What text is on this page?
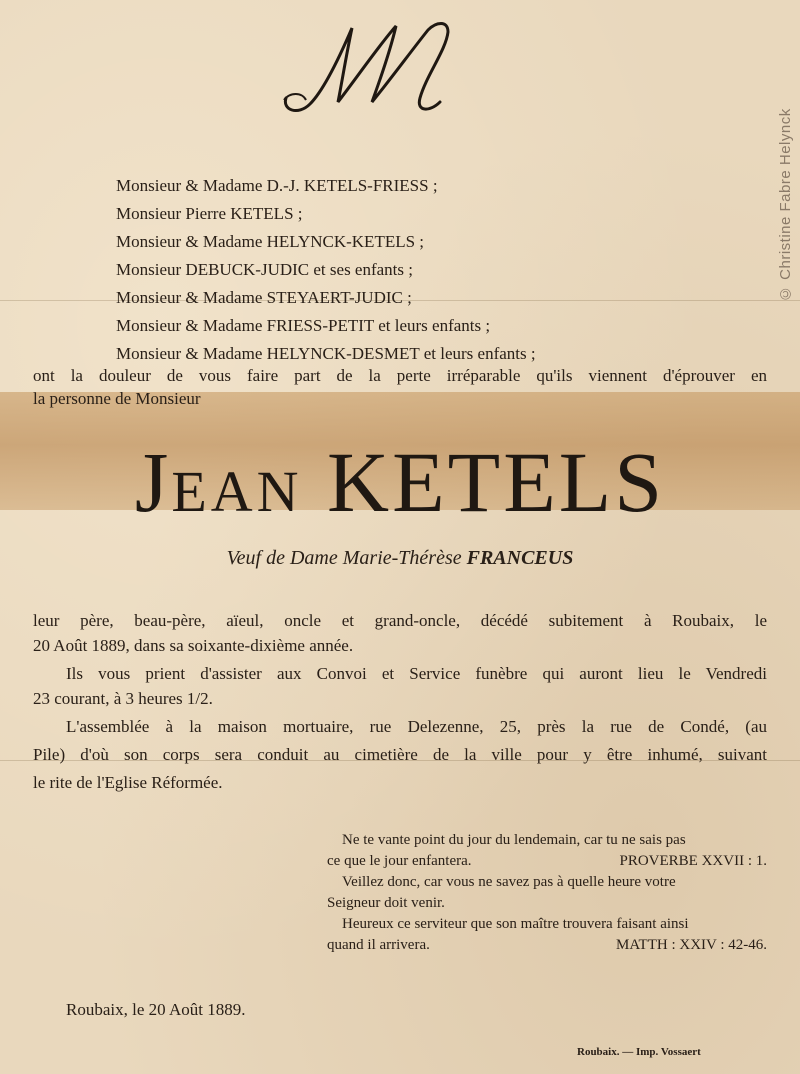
© Christine Fabre Helynck
Monsieur & Madame D.-J. KETELS-FRIESS ;
Monsieur Pierre KETELS ;
Monsieur & Madame HELYNCK-KETELS ;
Monsieur DEBUCK-JUDIC et ses enfants ;
Monsieur & Madame STEYAERT-JUDIC ;
Monsieur & Madame FRIESS-PETIT et leurs enfants ;
Monsieur & Madame HELYNCK-DESMET et leurs enfants ;
ont la douleur de vous faire part de la perte irréparable qu'ils viennent d'éprouver en
la personne de Monsieur
JEAN KETELS
Veuf de Dame Marie-Thérèse FRANCEUS
leur père, beau-père, aïeul, oncle et grand-oncle, décédé subitement à Roubaix, le
20 Août 1889, dans sa soixante-dixième année.
Ils vous prient d'assister aux Convoi et Service funèbre qui auront lieu le Vendredi
23 courant, à 3 heures 1/2.
L'assemblée à la maison mortuaire, rue Delezenne, 25, près la rue de Condé, (au
Pile) d'où son corps sera conduit au cimetière de la ville pour y être inhumé, suivant
le rite de l'Eglise Réformée.
Ne te vante point du jour du lendemain, car tu ne sais pas
ce que le jour enfantera.	PROVERBE XXVII : 1.
Veillez donc, car vous ne savez pas à quelle heure votre
Seigneur doit venir.
Heureux ce serviteur que son maître trouvera faisant ainsi
quand il arrivera.	MATTH : XXIV : 42-46.
Roubaix, le 20 Août 1889.
Roubaix. — Imp. Vossaert
